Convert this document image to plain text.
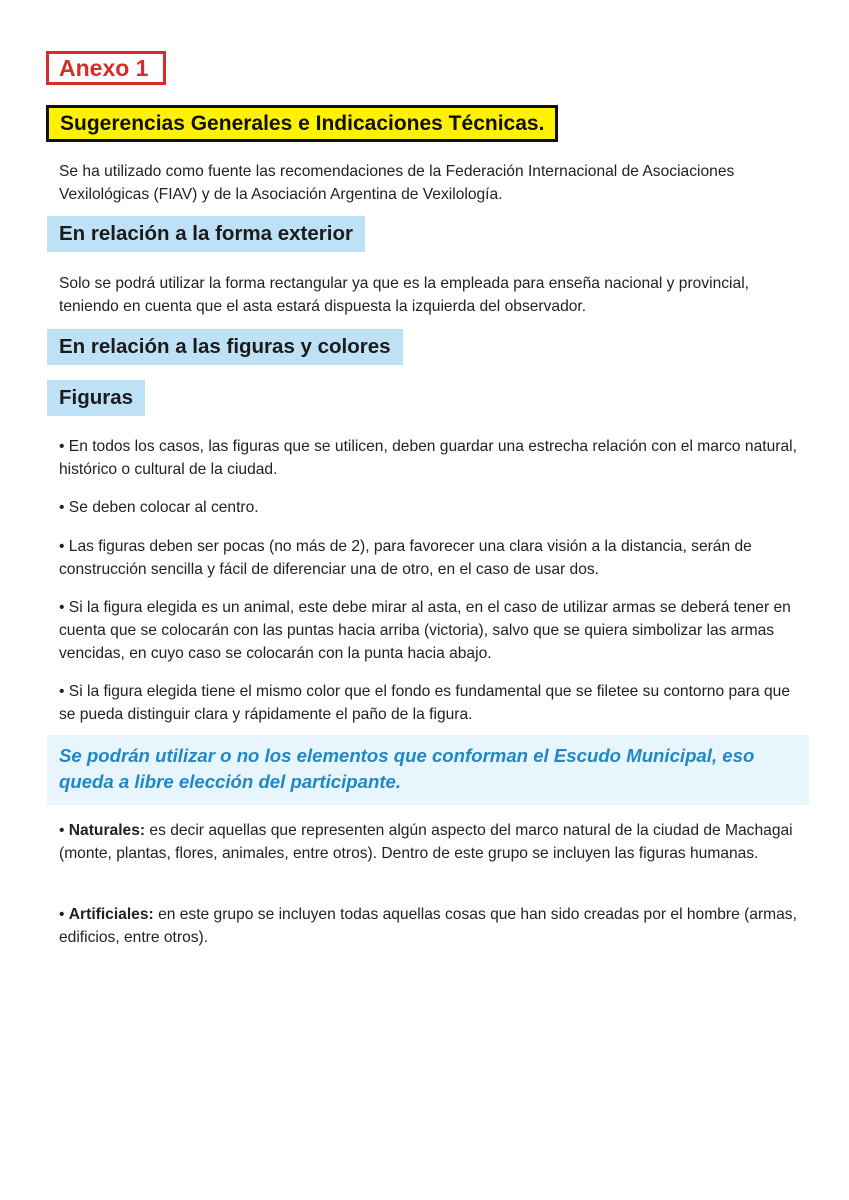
Anexo 1
Sugerencias Generales e Indicaciones Técnicas.
Se ha utilizado como fuente las recomendaciones de la Federación Internacional de Asociaciones Vexilológicas (FIAV) y de la Asociación Argentina de Vexilología.
En relación a la forma exterior
Solo se podrá utilizar la forma rectangular ya que es la empleada para enseña nacional y provincial, teniendo en cuenta que el asta estará dispuesta la izquierda del observador.
En relación a las figuras y colores
Figuras
• En todos los casos, las figuras que se utilicen, deben guardar una estrecha relación con el marco natural, histórico o cultural de la ciudad.
• Se deben colocar al centro.
• Las figuras deben ser pocas (no más de 2), para favorecer una clara visión a la distancia, serán de construcción sencilla y fácil de diferenciar una de otro, en el caso de usar dos.
• Si la figura elegida es un animal, este debe mirar al asta, en el caso de utilizar armas se deberá tener en cuenta que se colocarán con las puntas hacia arriba (victoria), salvo que se quiera simbolizar las armas vencidas, en cuyo caso se colocarán con la punta hacia abajo.
• Si la figura elegida tiene el mismo color que el fondo es fundamental que se filetee su contorno para que se pueda distinguir clara y rápidamente el paño de la figura.
Se podrán utilizar o no los elementos que conforman el Escudo Municipal, eso queda a libre elección del participante.
• Naturales: es decir aquellas que representen algún aspecto del marco natural de la ciudad de Machagai (monte, plantas, flores, animales, entre otros). Dentro de este grupo se incluyen las figuras humanas.
• Artificiales: en este grupo se incluyen todas aquellas cosas que han sido creadas por el hombre (armas, edificios, entre otros).
